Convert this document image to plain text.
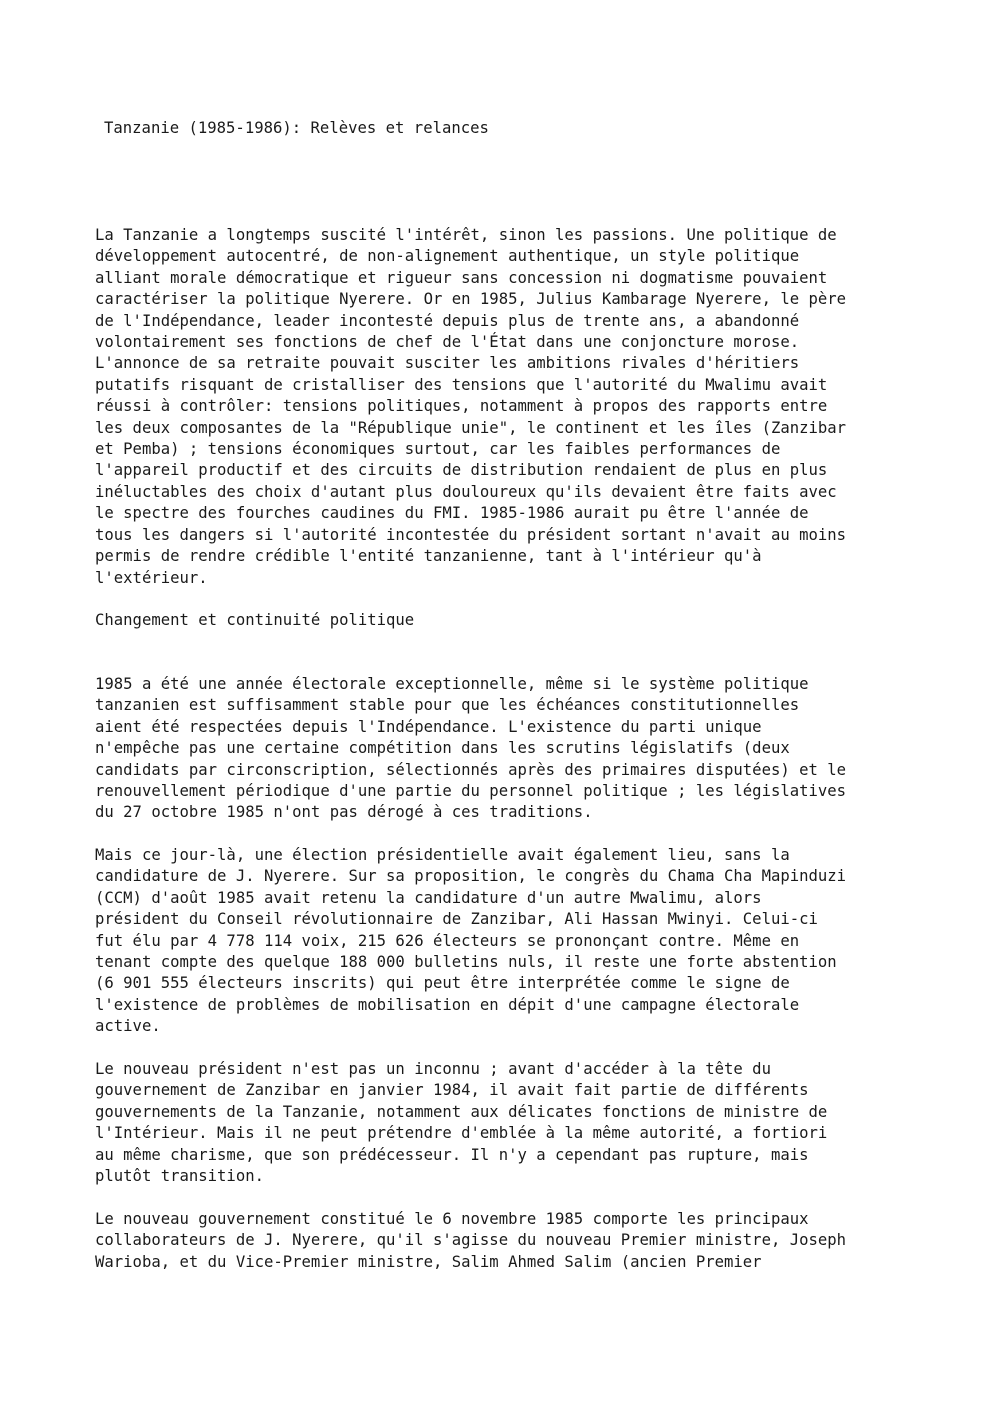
Tanzanie (1985-1986): Relèves et relances

La Tanzanie a longtemps suscité l'intérêt, sinon les passions. Une politique de
développement autocentré, de non-alignement authentique, un style politique
alliant morale démocratique et rigueur sans concession ni dogmatisme pouvaient
caractériser la politique Nyerere. Or en 1985, Julius Kambarage Nyerere, le père
de l'Indépendance, leader incontesté depuis plus de trente ans, a abandonné
volontairement ses fonctions de chef de l'État dans une conjoncture morose.
L'annonce de sa retraite pouvait susciter les ambitions rivales d'héritiers
putatifs risquant de cristalliser des tensions que l'autorité du Mwalimu avait
réussi à contrôler: tensions politiques, notamment à propos des rapports entre
les deux composantes de la "République unie", le continent et les îles (Zanzibar
et Pemba) ; tensions économiques surtout, car les faibles performances de
l'appareil productif et des circuits de distribution rendaient de plus en plus
inéluctables des choix d'autant plus douloureux qu'ils devaient être faits avec
le spectre des fourches caudines du FMI. 1985-1986 aurait pu être l'année de
tous les dangers si l'autorité incontestée du président sortant n'avait au moins
permis de rendre crédible l'entité tanzanienne, tant à l'intérieur qu'à
l'extérieur.

Changement et continuité politique

1985 a été une année électorale exceptionnelle, même si le système politique
tanzanien est suffisamment stable pour que les échéances constitutionnelles
aient été respectées depuis l'Indépendance. L'existence du parti unique
n'empêche pas une certaine compétition dans les scrutins législatifs (deux
candidats par circonscription, sélectionnés après des primaires disputées) et le
renouvellement périodique d'une partie du personnel politique ; les législatives
du 27 octobre 1985 n'ont pas dérogé à ces traditions.

Mais ce jour-là, une élection présidentielle avait également lieu, sans la
candidature de J. Nyerere. Sur sa proposition, le congrès du Chama Cha Mapinduzi
(CCM) d'août 1985 avait retenu la candidature d'un autre Mwalimu, alors
président du Conseil révolutionnaire de Zanzibar, Ali Hassan Mwinyi. Celui-ci
fut élu par 4 778 114 voix, 215 626 électeurs se prononçant contre. Même en
tenant compte des quelque 188 000 bulletins nuls, il reste une forte abstention
(6 901 555 électeurs inscrits) qui peut être interprétée comme le signe de
l'existence de problèmes de mobilisation en dépit d'une campagne électorale
active.

Le nouveau président n'est pas un inconnu ; avant d'accéder à la tête du
gouvernement de Zanzibar en janvier 1984, il avait fait partie de différents
gouvernements de la Tanzanie, notamment aux délicates fonctions de ministre de
l'Intérieur. Mais il ne peut prétendre d'emblée à la même autorité, a fortiori
au même charisme, que son prédécesseur. Il n'y a cependant pas rupture, mais
plutôt transition.

Le nouveau gouvernement constitué le 6 novembre 1985 comporte les principaux
collaborateurs de J. Nyerere, qu'il s'agisse du nouveau Premier ministre, Joseph
Warioba, et du Vice-Premier ministre, Salim Ahmed Salim (ancien Premier
